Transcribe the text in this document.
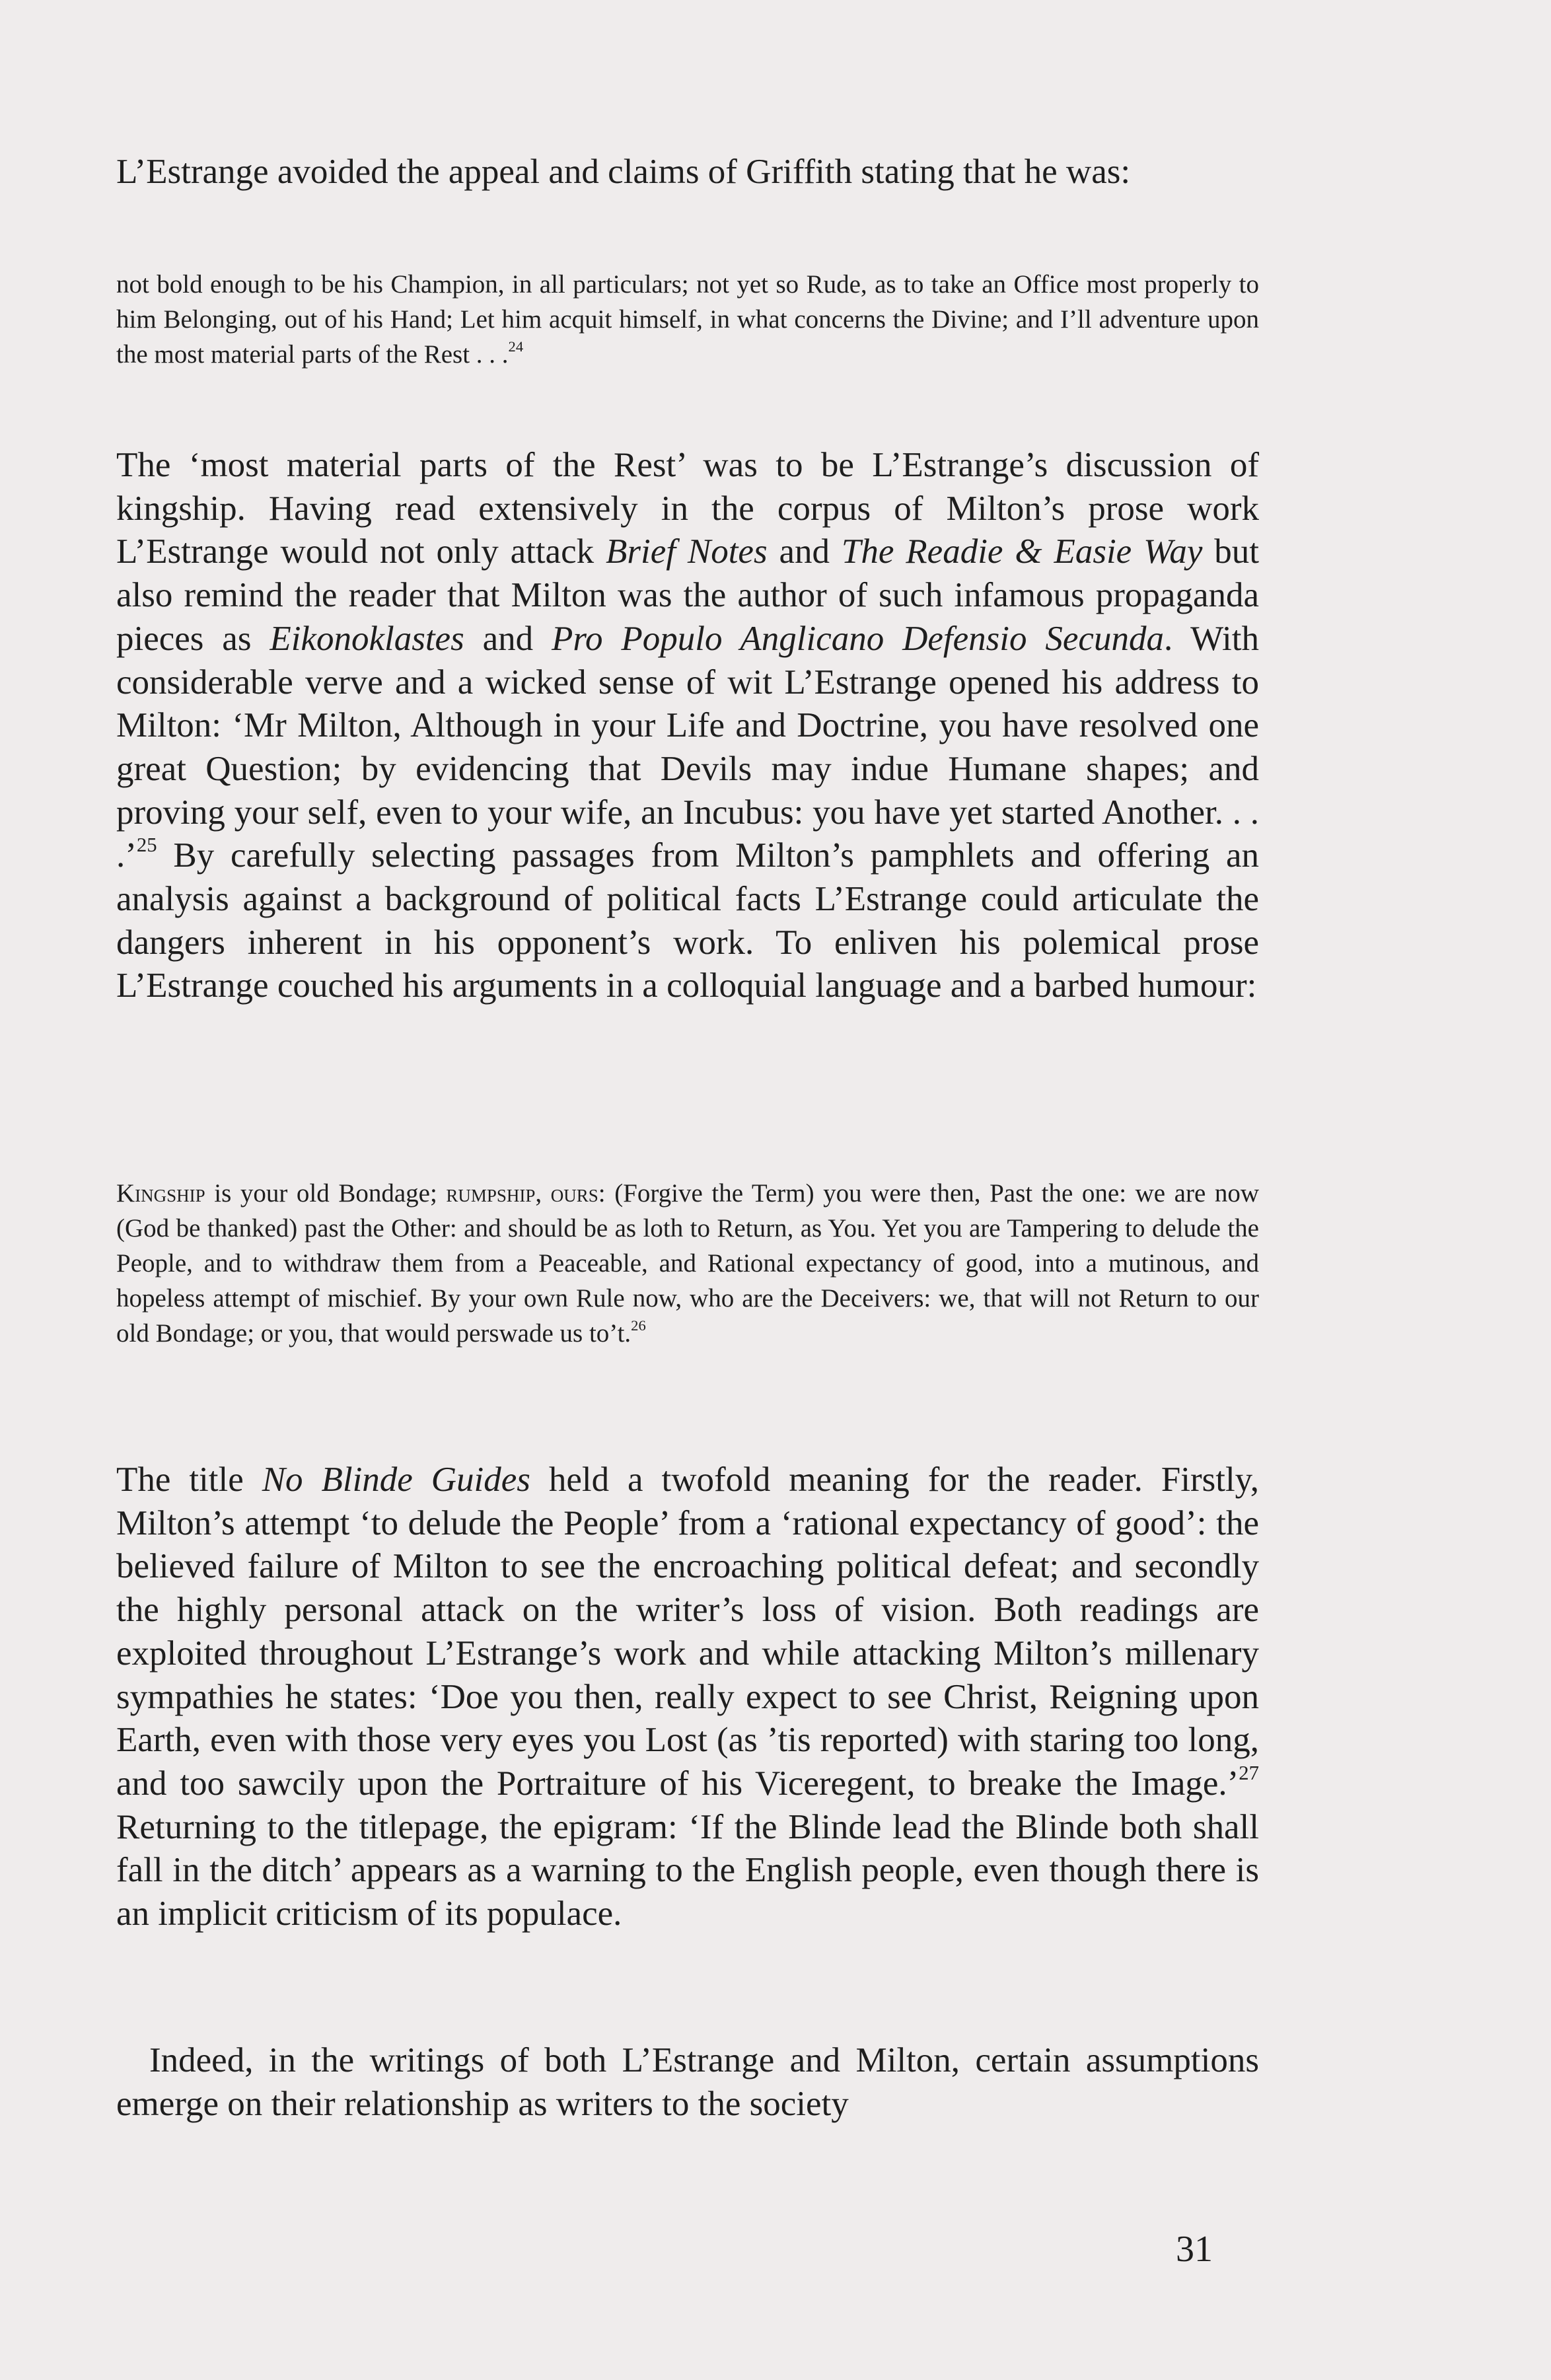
L’Estrange avoided the appeal and claims of Griffith stating that he was:

not bold enough to be his Champion, in all particulars; not yet so Rude, as to take an Office most properly to him Belonging, out of his Hand; Let him acquit himself, in what concerns the Divine; and I’ll adventure upon the most material parts of the Rest . . .$^{24}$

The ‘most material parts of the Rest’ was to be L’Estrange’s discussion of kingship. Having read extensively in the corpus of Milton’s prose work L’Estrange would not only attack Brief Notes and The Readie & Easie Way but also remind the reader that Milton was the author of such infamous propaganda pieces as Eikonoklastes and Pro Populo Anglicano Defensio Secunda. With considerable verve and a wicked sense of wit L’Estrange opened his address to Milton: ‘Mr Milton, Although in your Life and Doctrine, you have resolved one great Question; by evidencing that Devils may indue Humane shapes; and proving your self, even to your wife, an Incubus: you have yet started Another. . . .’$^{25}$ By carefully selecting passages from Milton’s pamphlets and offering an analysis against a background of political facts L’Estrange could articulate the dangers inherent in his opponent’s work. To enliven his polemical prose L’Estrange couched his arguments in a colloquial language and a barbed humour:

Kingship is your old Bondage; rumpship, ours: (Forgive the Term) you were then, Past the one: we are now (God be thanked) past the Other: and should be as loth to Return, as You. Yet you are Tampering to delude the People, and to withdraw them from a Peaceable, and Rational expectancy of good, into a mutinous, and hopeless attempt of mischief. By your own Rule now, who are the Deceivers: we, that will not Return to our old Bondage; or you, that would perswade us to’t.$^{26}$

The title No Blinde Guides held a twofold meaning for the reader. Firstly, Milton’s attempt ‘to delude the People’ from a ‘rational expectancy of good’: the believed failure of Milton to see the encroaching political defeat; and secondly the highly personal attack on the writer’s loss of vision. Both readings are exploited throughout L’Estrange’s work and while attacking Milton’s millenary sympathies he states: ‘Doe you then, really expect to see Christ, Reigning upon Earth, even with those very eyes you Lost (as ’tis reported) with staring too long, and too sawcily upon the Portraiture of his Viceregent, to breake the Image.’$^{27}$ Returning to the titlepage, the epigram: ‘If the Blinde lead the Blinde both shall fall in the ditch’ appears as a warning to the English people, even though there is an implicit criticism of its populace.

Indeed, in the writings of both L’Estrange and Milton, certain assumptions emerge on their relationship as writers to the society

31
